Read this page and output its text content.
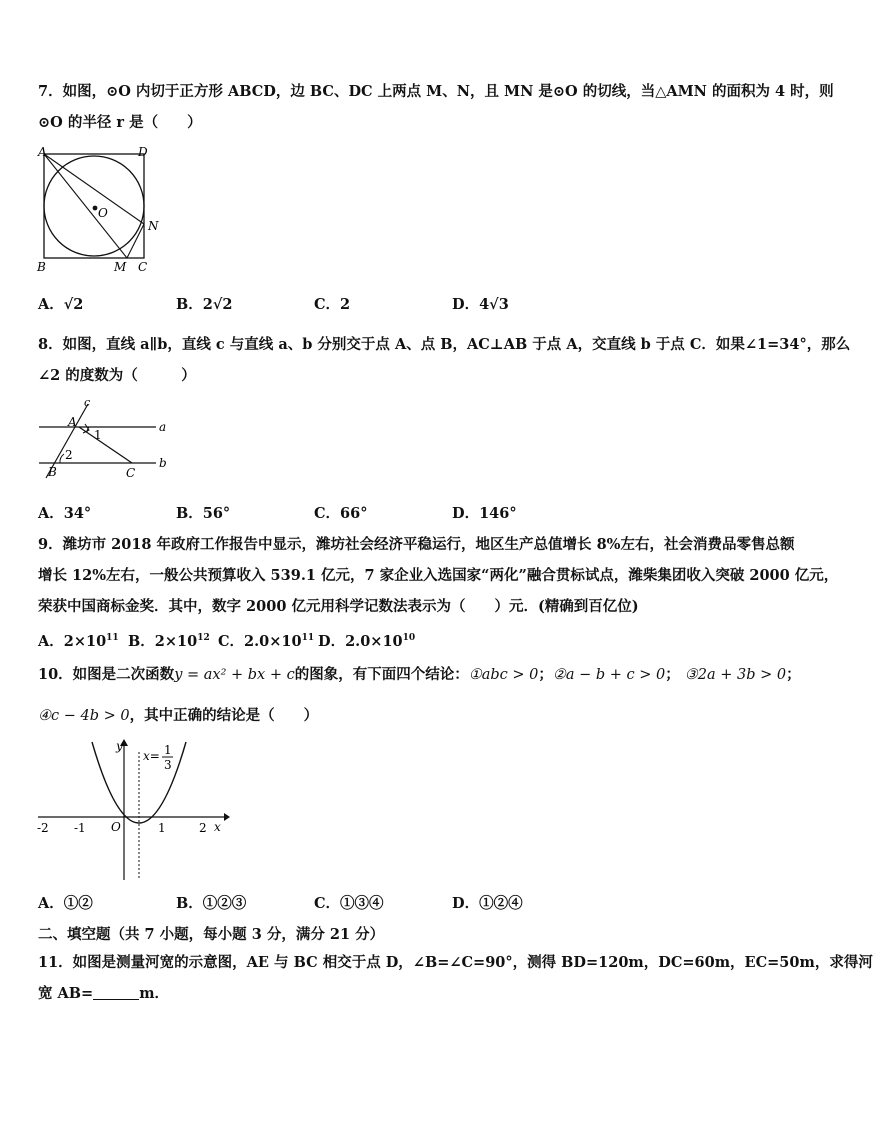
7．如图，⊙O 内切于正方形 ABCD，边 BC、DC 上两点 M、N，且 MN 是⊙O 的切线，当△AMN 的面积为 4 时，则
⊙O 的半径 r 是（　　）
A	D
O
N
B	M C
A．√2	B．2√2	C．2	D．4√3
8．如图，直线 a∥b，直线 c 与直线 a、b 分别交于点 A、点 B，AC⊥AB 于点 A，交直线 b 于点 C．如果∠1=34°，那么
∠2 的度数为（　　　）
c
A
1
a
2
B	C
b
A．34°	B．56°	C．66°	D．146°
9．潍坊市 2018 年政府工作报告中显示，潍坊社会经济平稳运行，地区生产总值增长 8%左右，社会消费品零售总额
增长 12%左右，一般公共预算收入 539.1 亿元，7 家企业入选国家“两化”融合贯标试点，潍柴集团收入突破 2000 亿元，
荣获中国商标金奖．其中，数字 2000 亿元用科学记数法表示为（　　）元．(精确到百亿位)
A．$2\times 10^{11}$ B．$2\times 10^{12}$ C．$2.0\times 10^{11}$ D．$2.0\times 10^{10}$
10．如图是二次函数y = ax² + bx + c的图象，有下面四个结论：①abc > 0；②a − b + c > 0； ③2a + 3b > 0；
④c − 4b > 0，其中正确的结论是（　　）
y
x
x= 1
3
-2 -1 O	1	2
A．①②	B．①②③	C．①③④	D．①②④
二、填空题（共 7 小题，每小题 3 分，满分 21 分）
11．如图是测量河宽的示意图，AE 与 BC 相交于点 D，∠B=∠C=90°，测得 BD=120m，DC=60m，EC=50m，求得河
宽 AB=	m．
